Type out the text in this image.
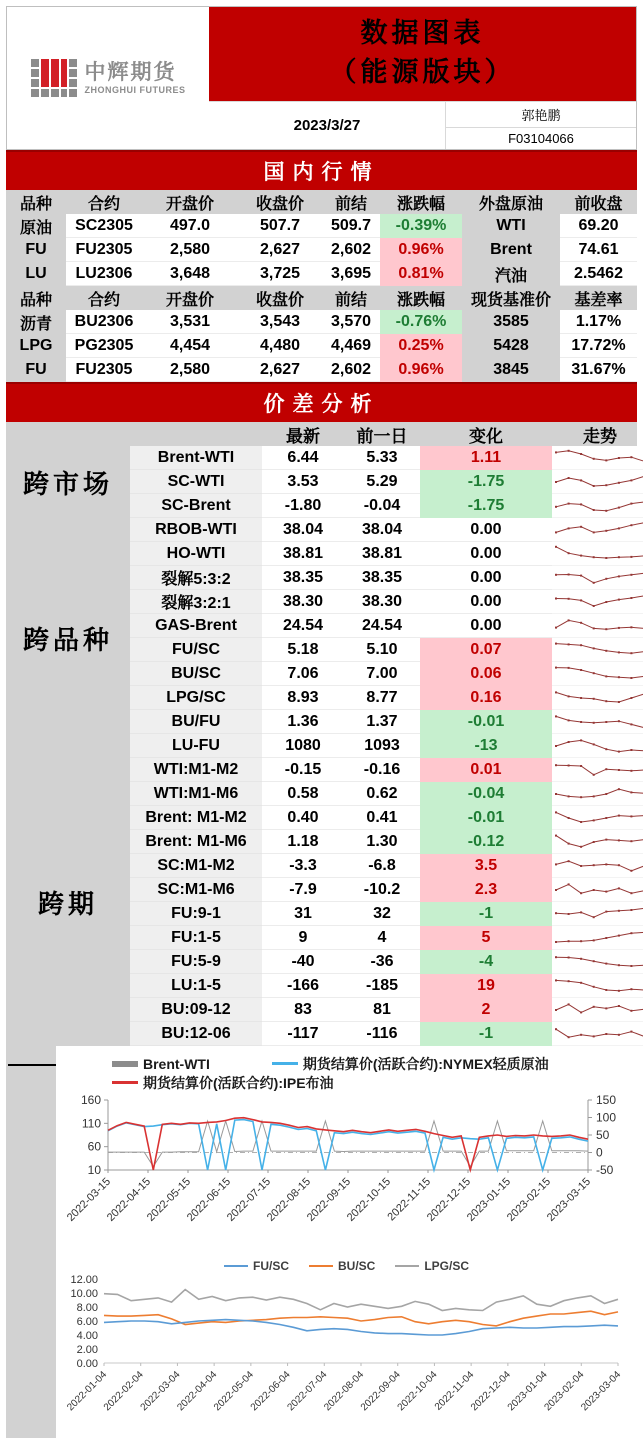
中辉期货
ZHONGHUI FUTURES
数据图表
（能源版块）
2023/3/27
郭艳鹏
F03104066
国内行情
品种	合约	开盘价	收盘价	前结	涨跌幅	外盘原油	前收盘
原油	SC2305	497.0	507.7	509.7	-0.39%	WTI	69.20
FU	FU2305	2,580	2,627	2,602	0.96%	Brent	74.61
LU	LU2306	3,648	3,725	3,695	0.81%	汽油	2.5462
品种	合约	开盘价	收盘价	前结	涨跌幅	现货基准价	基差率
沥青	BU2306	3,531	3,543	3,570	-0.76%	3585	1.17%
LPG	PG2305	4,454	4,480	4,469	0.25%	5428	17.72%
FU	FU2305	2,580	2,627	2,602	0.96%	3845	31.67%
价差分析
最新	前一日	变化	走势
跨市场
Brent-WTI	6.44	5.33	1.11
SC-WTI	3.53	5.29	-1.75
SC-Brent	-1.80	-0.04	-1.75
跨品种
RBOB-WTI	38.04	38.04	0.00
HO-WTI	38.81	38.81	0.00
裂解5:3:2	38.35	38.35	0.00
裂解3:2:1	38.30	38.30	0.00
GAS-Brent	24.54	24.54	0.00
FU/SC	5.18	5.10	0.07
BU/SC	7.06	7.00	0.06
LPG/SC	8.93	8.77	0.16
BU/FU	1.36	1.37	-0.01
LU-FU	1080	1093	-13
跨期
WTI:M1-M2	-0.15	-0.16	0.01
WTI:M1-M6	0.58	0.62	-0.04
Brent: M1-M2	0.40	0.41	-0.01
Brent: M1-M6	1.18	1.30	-0.12
SC:M1-M2	-3.3	-6.8	3.5
SC:M1-M6	-7.9	-10.2	2.3
FU:9-1	31	32	-1
FU:1-5	9	4	5
FU:5-9	-40	-36	-4
LU:1-5	-166	-185	19
BU:09-12	83	81	2
BU:12-06	-117	-116	-1
Brent-WTI	期货结算价(活跃合约):NYMEX轻质原油
期货结算价(活跃合约):IPE布油
160
110
60
10
150
100
50
0
-50
2022-03-15
2022-04-15
2022-05-15
2022-06-15
2022-07-15
2022-08-15
2022-09-15
2022-10-15
2022-11-15
2022-12-15
2023-01-15
2023-02-15
2023-03-15
FU/SC	BU/SC	LPG/SC
12.00
10.00
8.00
6.00
4.00
2.00
0.00
2022-01-04
2022-02-04
2022-03-04
2022-04-04
2022-05-04
2022-06-04
2022-07-04
2022-08-04
2022-09-04
2022-10-04
2022-11-04
2022-12-04
2023-01-04
2023-02-04
2023-03-04
